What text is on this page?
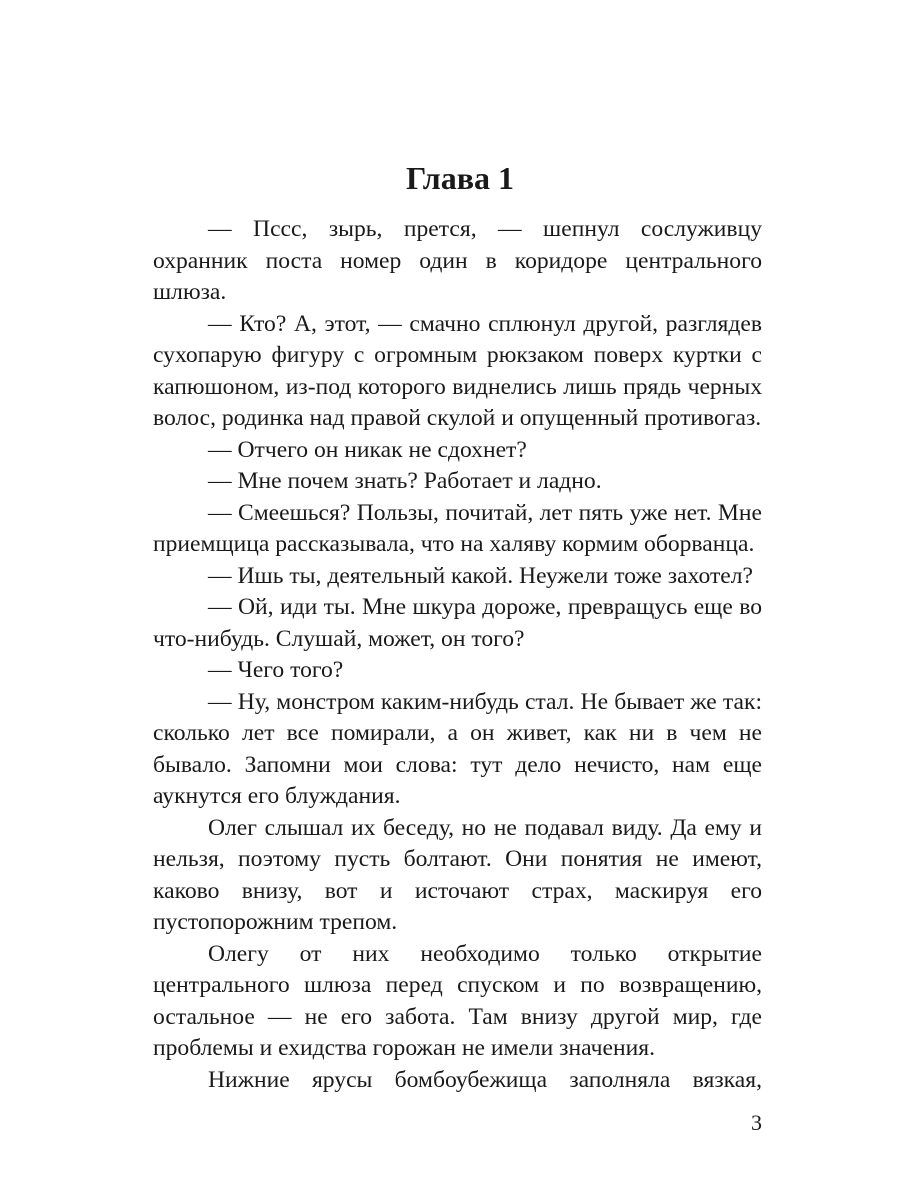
Глава 1

— Пссс, зырь, прется, — шепнул сослуживцу охранник поста номер один в коридоре центрального шлюза.

— Кто? А, этот, — смачно сплюнул другой, разглядев сухопарую фигуру с огромным рюкзаком поверх куртки с капюшоном, из-под которого виднелись лишь прядь черных волос, родинка над правой скулой и опущенный противогаз.

— Отчего он никак не сдохнет?

— Мне почем знать? Работает и ладно.

— Смеешься? Пользы, почитай, лет пять уже нет. Мне приемщица рассказывала, что на халяву кормим оборванца.

— Ишь ты, деятельный какой. Неужели тоже захотел?

— Ой, иди ты. Мне шкура дороже, превращусь еще во что-нибудь. Слушай, может, он того?

— Чего того?

— Ну, монстром каким-нибудь стал. Не бывает же так: сколько лет все помирали, а он живет, как ни в чем не бывало. Запомни мои слова: тут дело нечисто, нам еще аукнутся его блуждания.

Олег слышал их беседу, но не подавал виду. Да ему и нельзя, поэтому пусть болтают. Они понятия не имеют, каково внизу, вот и источают страх, маскируя его пустопорожним трепом.

Олегу от них необходимо только открытие центрального шлюза перед спуском и по возвращению, остальное — не его забота. Там внизу другой мир, где проблемы и ехидства горожан не имели значения.

Нижние ярусы бомбоубежища заполняла вязкая,

3
